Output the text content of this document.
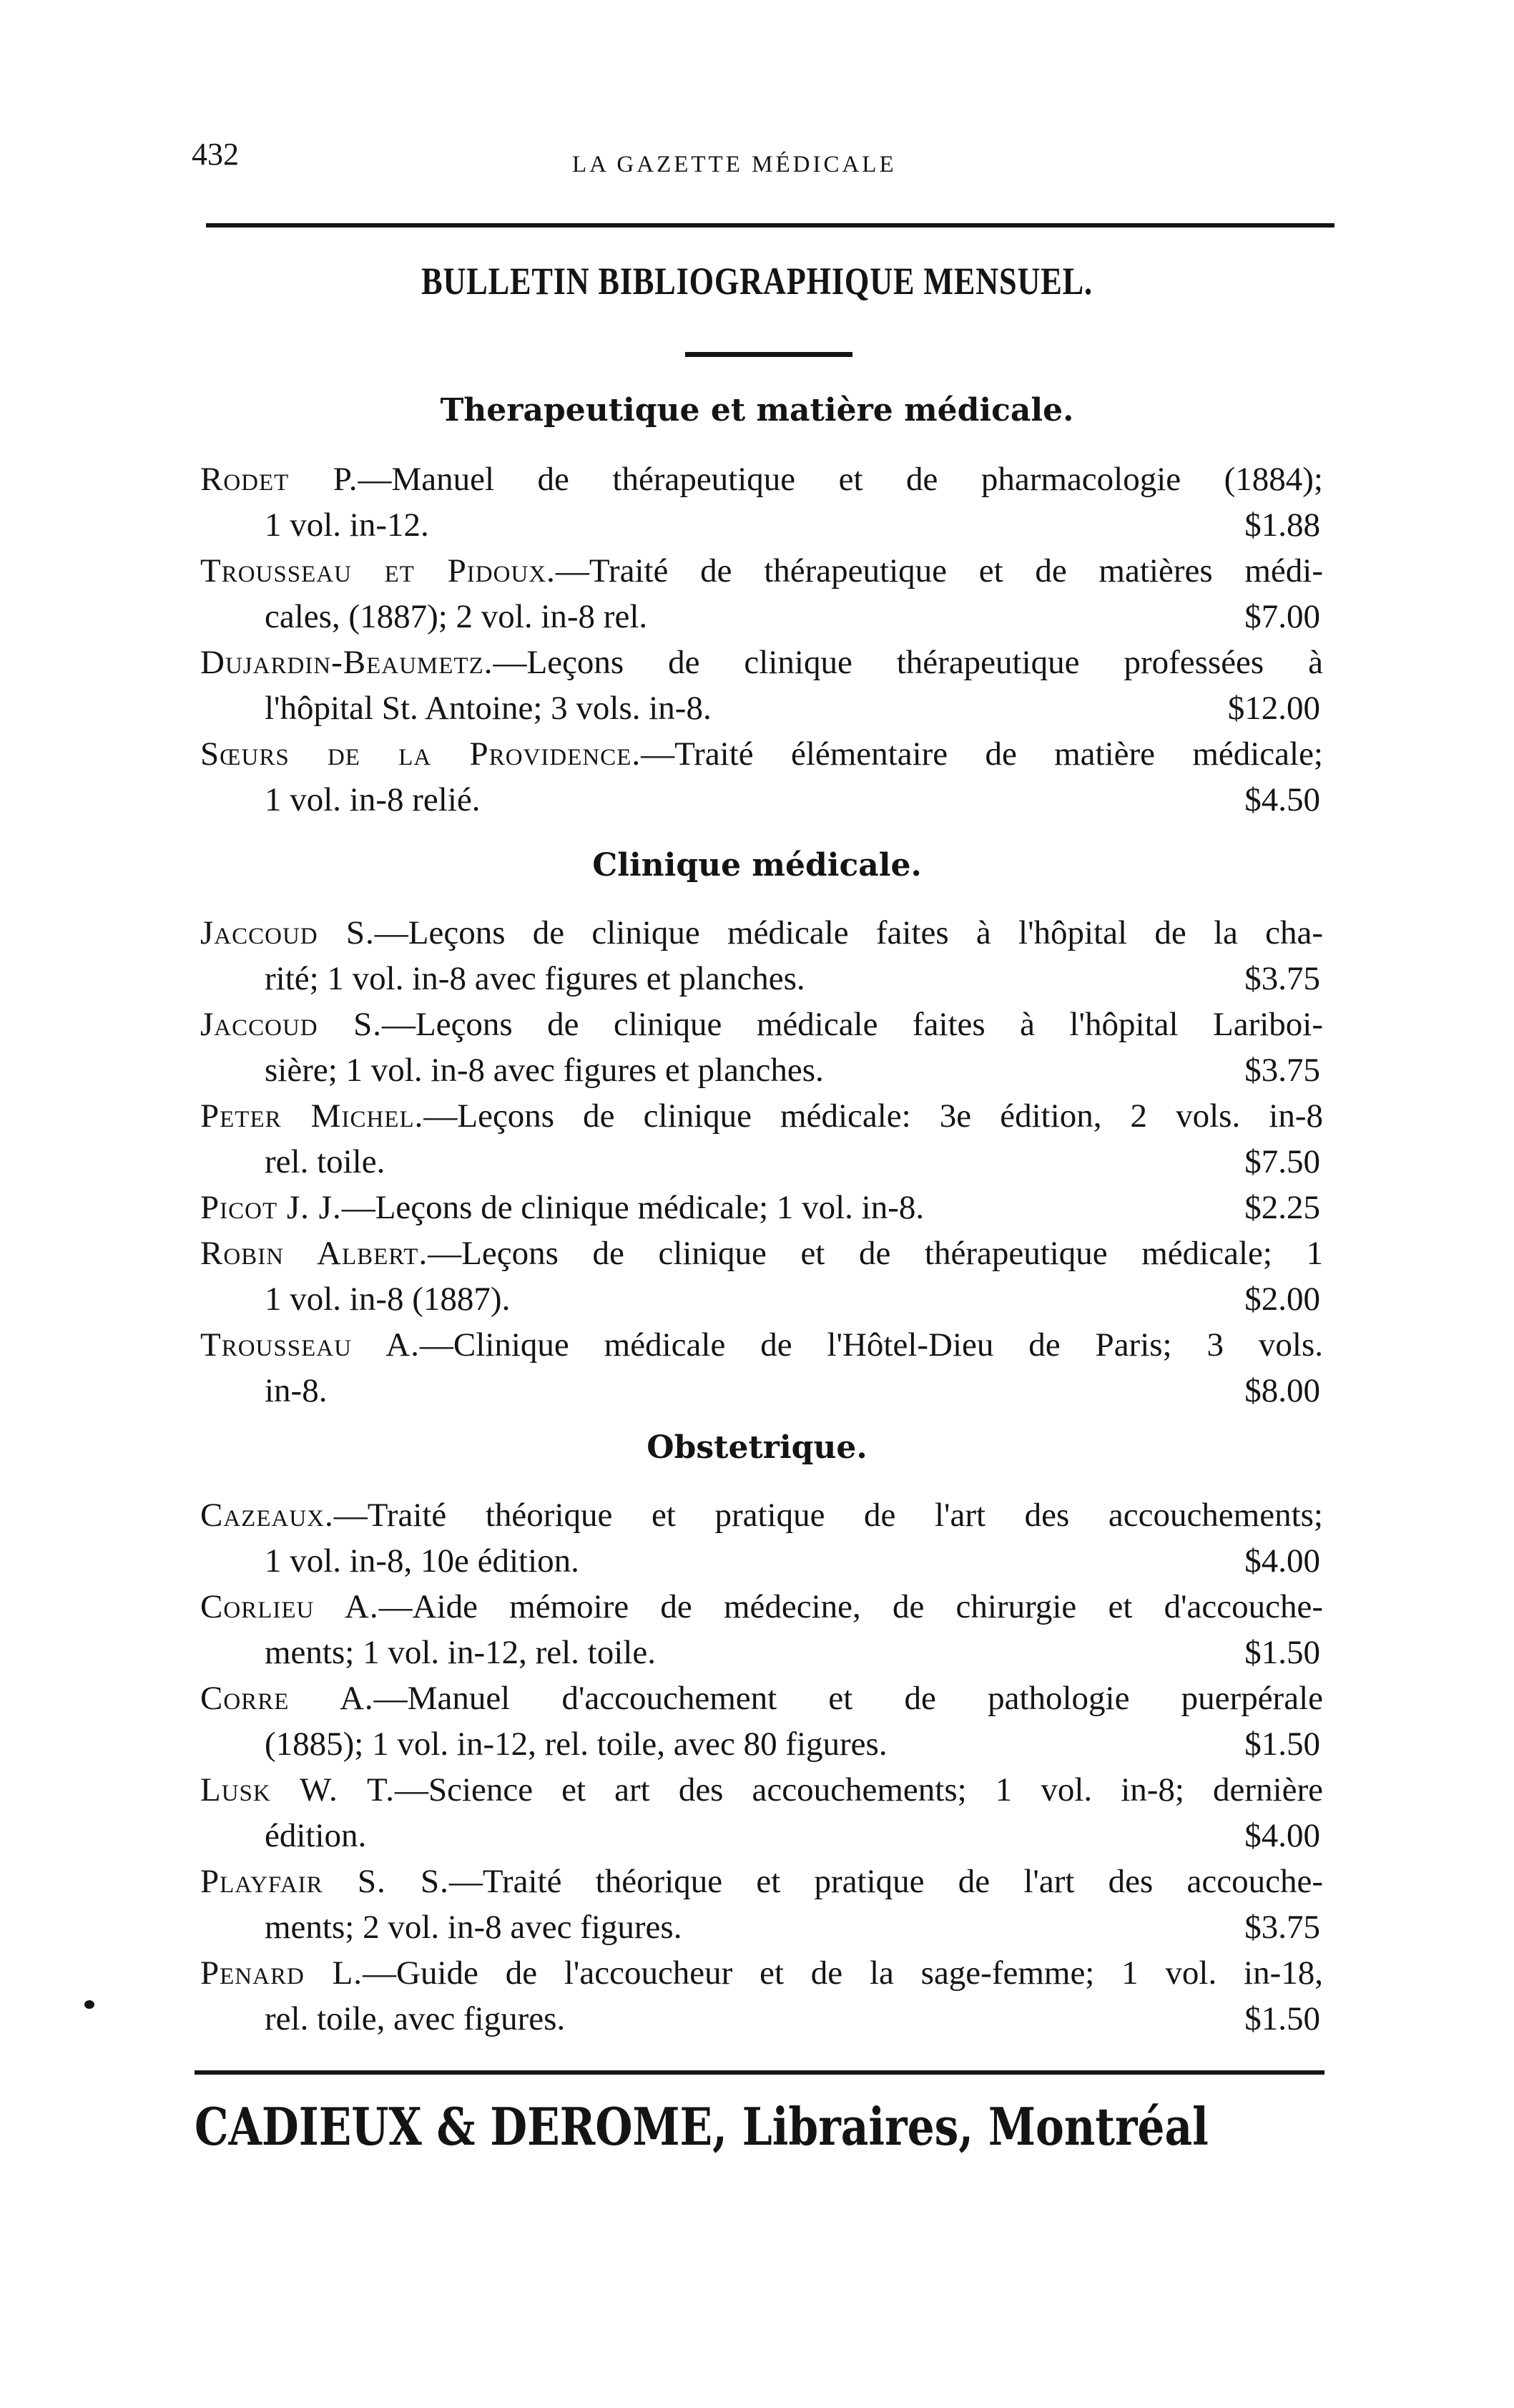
432	LA GAZETTE MÉDICALE
BULLETIN BIBLIOGRAPHIQUE MENSUEL.
Therapeutique et matière médicale.
Rodet P.—Manuel de thérapeutique et de pharmacologie (1884);
1 vol. in-12.	$1.88
Trousseau et Pidoux.—Traité de thérapeutique et de matières médi-
cales, (1887); 2 vol. in-8 rel.	$7.00
Dujardin-Beaumetz.—Leçons de clinique thérapeutique professées à
l'hôpital St. Antoine; 3 vols. in-8.	$12.00
Sœurs de la Providence.—Traité élémentaire de matière médicale;
1 vol. in-8 relié.	$4.50
Clinique médicale.
Jaccoud S.—Leçons de clinique médicale faites à l'hôpital de la cha-
rité; 1 vol. in-8 avec figures et planches.	$3.75
Jaccoud S.—Leçons de clinique médicale faites à l'hôpital Lariboi-
sière; 1 vol. in-8 avec figures et planches.	$3.75
Peter Michel.—Leçons de clinique médicale: 3e édition, 2 vols. in-8
rel. toile.	$7.50
Picot J. J.—Leçons de clinique médicale; 1 vol. in-8.	$2.25
Robin Albert.—Leçons de clinique et de thérapeutique médicale; 1
1 vol. in-8 (1887).	$2.00
Trousseau A.—Clinique médicale de l'Hôtel-Dieu de Paris; 3 vols.
in-8.	$8.00
Obstetrique.
Cazeaux.—Traité théorique et pratique de l'art des accouchements;
1 vol. in-8, 10e édition.	$4.00
Corlieu A.—Aide mémoire de médecine, de chirurgie et d'accouche-
ments; 1 vol. in-12, rel. toile.	$1.50
Corre A.—Manuel d'accouchement et de pathologie puerpérale
(1885); 1 vol. in-12, rel. toile, avec 80 figures.	$1.50
Lusk W. T.—Science et art des accouchements; 1 vol. in-8; dernière
édition.	$4.00
Playfair S. S.—Traité théorique et pratique de l'art des accouche-
ments; 2 vol. in-8 avec figures.	$3.75
Penard L.—Guide de l'accoucheur et de la sage-femme; 1 vol. in-18,
rel. toile, avec figures.	$1.50
CADIEUX & DEROME, Libraires, Montréal
